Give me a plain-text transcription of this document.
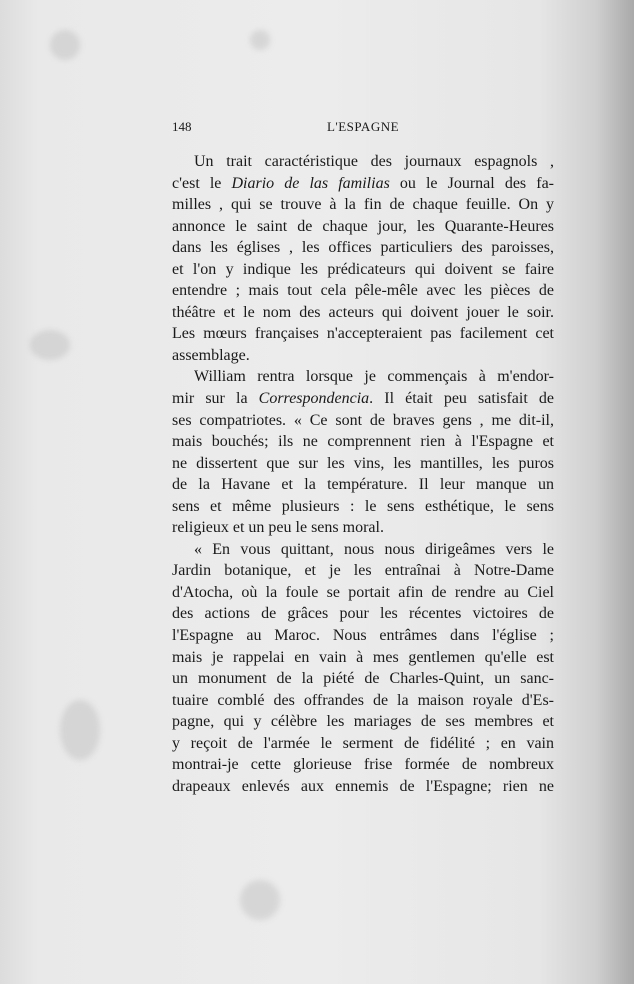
148	L'ESPAGNE
Un trait caractéristique des journaux espagnols ,
c'est le Diario de las familias ou le Journal des fa-
milles , qui se trouve à la fin de chaque feuille. On y
annonce le saint de chaque jour, les Quarante-Heures
dans les églises , les offices particuliers des paroisses,
et l'on y indique les prédicateurs qui doivent se faire
entendre ; mais tout cela pêle-mêle avec les pièces de
théâtre et le nom des acteurs qui doivent jouer le soir.
Les mœurs françaises n'accepteraient pas facilement cet
assemblage.
William rentra lorsque je commençais à m'endor-
mir sur la Correspondencia. Il était peu satisfait de
ses compatriotes. « Ce sont de braves gens , me dit-il,
mais bouchés; ils ne comprennent rien à l'Espagne et
ne dissertent que sur les vins, les mantilles, les puros
de la Havane et la température. Il leur manque un
sens et même plusieurs : le sens esthétique, le sens
religieux et un peu le sens moral.
« En vous quittant, nous nous dirigeâmes vers le
Jardin botanique, et je les entraînai à Notre-Dame
d'Atocha, où la foule se portait afin de rendre au Ciel
des actions de grâces pour les récentes victoires de
l'Espagne au Maroc. Nous entrâmes dans l'église ;
mais je rappelai en vain à mes gentlemen qu'elle est
un monument de la piété de Charles-Quint, un sanc-
tuaire comblé des offrandes de la maison royale d'Es-
pagne, qui y célèbre les mariages de ses membres et
y reçoit de l'armée le serment de fidélité ; en vain
montrai-je cette glorieuse frise formée de nombreux
drapeaux enlevés aux ennemis de l'Espagne; rien ne
